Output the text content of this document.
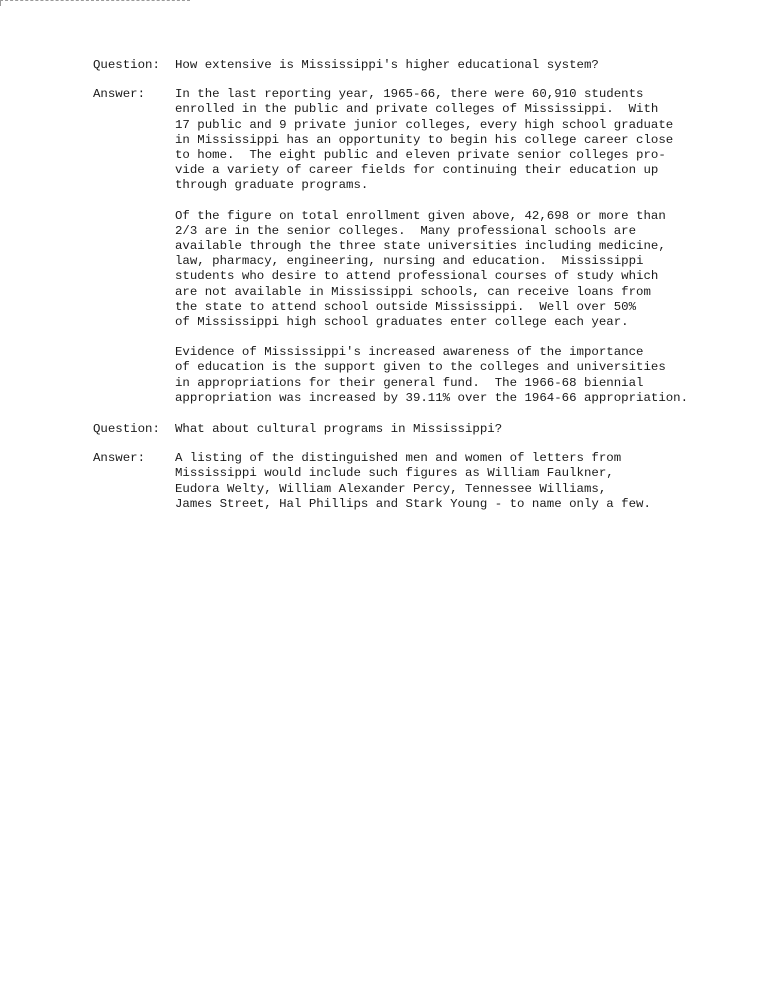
Question:	How extensive is Mississippi's higher educational system?

Answer:	In the last reporting year, 1965-66, there were 60,910 students
enrolled in the public and private colleges of Mississippi.  With
17 public and 9 private junior colleges, every high school graduate
in Mississippi has an opportunity to begin his college career close
to home.  The eight public and eleven private senior colleges pro-
vide a variety of career fields for continuing their education up
through graduate programs.

Of the figure on total enrollment given above, 42,698 or more than
2/3 are in the senior colleges.  Many professional schools are
available through the three state universities including medicine,
law, pharmacy, engineering, nursing and education.  Mississippi
students who desire to attend professional courses of study which
are not available in Mississippi schools, can receive loans from
the state to attend school outside Mississippi.  Well over 50%
of Mississippi high school graduates enter college each year.

Evidence of Mississippi's increased awareness of the importance
of education is the support given to the colleges and universities
in appropriations for their general fund.  The 1966-68 biennial
appropriation was increased by 39.11% over the 1964-66 appropriation.

Question:	What about cultural programs in Mississippi?

Answer:	A listing of the distinguished men and women of letters from
Mississippi would include such figures as William Faulkner,
Eudora Welty, William Alexander Percy, Tennessee Williams,
James Street, Hal Phillips and Stark Young - to name only a few.
